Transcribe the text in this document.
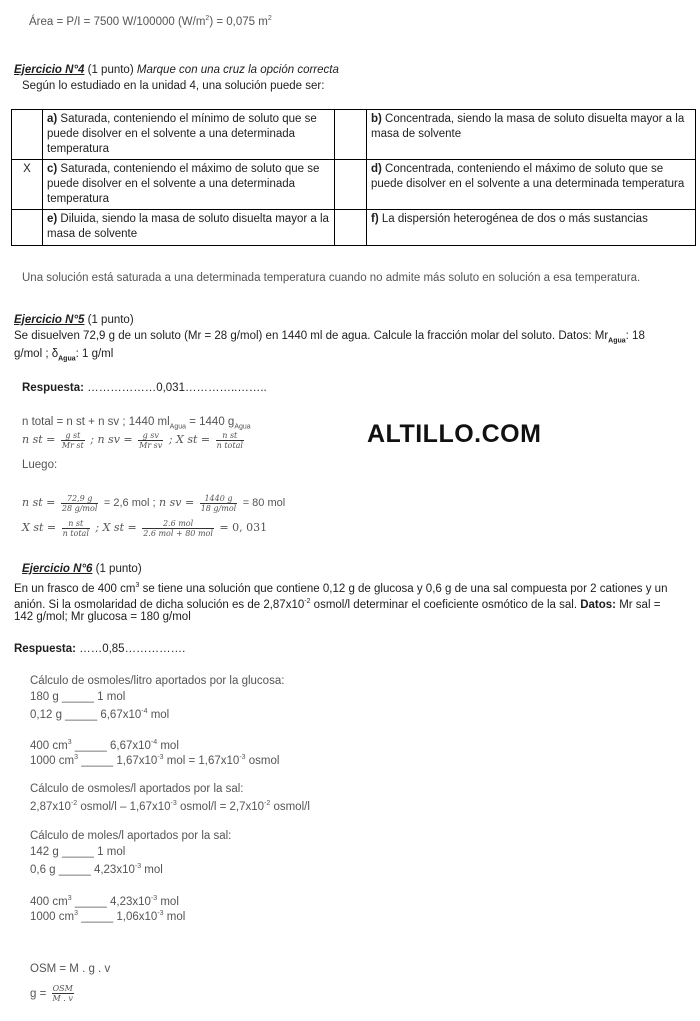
Área = P/I = 7500 W/100000 $(W/m^2) = 0,075$ $m^2$
Ejercicio N°4 (1 punto) Marque con una cruz la opción correcta
Según lo estudiado en la unidad 4, una solución puede ser:
	a) Saturada, conteniendo el mínimo de soluto que se puede disolver en el solvente a una determinada temperatura		b) Concentrada, siendo la masa de soluto disuelta mayor a la masa de solvente
X	c) Saturada, conteniendo el máximo de soluto que se puede disolver en el solvente a una determinada temperatura		d) Concentrada, conteniendo el máximo de soluto que se puede disolver en el solvente a una determinada temperatura
	e) Diluida, siendo la masa de soluto disuelta mayor a la masa de solvente		f) La dispersión heterogénea de dos o más sustancias
Una solución está saturada a una determinada temperatura cuando no admite más soluto en solución a esa temperatura.
Ejercicio N°5 (1 punto)
Se disuelven 72,9 g de un soluto (Mr = 28 g/mol) en 1440 ml de agua. Calcule la fracción molar del soluto. Datos: $Mr_{Agua}$: 18
g/mol ; $\delta_{Agua}$: 1 g/ml
Respuesta: ………………0,031…………..……..
n total = n st + n sv ; 1440 $ml_{Agua} = 1440$ $g_{Agua}$
n st = $\frac{\text{g st}}{\text{Mr st}}$ ; n sv = $\frac{\text{g sv}}{\text{Mr sv}}$ ; X st = $\frac{\text{n st}}{\text{n total}}$
Luego:
n st = $\frac{72,9 g}{\text{28 g/mol}} = 2,6$ mol ; n sv = $\frac{1440 g}{\text{18 g/mol}} = 80$ mol
X st = $\frac{\text{n st}}{\text{n total}}$ ; X st = $\frac{\text{2.6 mol}}{\text{2.6 mol + 80 mol}} = 0$, 031
ALTILLO.COM
Ejercicio N°6 (1 punto)
En un frasco de 400 $cm^3$ se tiene una solución que contiene 0,12 g de glucosa y 0,6 g de una sal compuesta por 2 cationes y un
anión. Si la osmolaridad de dicha solución es de $2,87x10^{-2}$ osmol/l determinar el coeficiente osmótico de la sal. Datos: Mr sal =
142 g/mol; Mr glucosa = 180 g/mol
Respuesta: ……0,85…………….
Cálculo de osmoles/litro aportados por la glucosa:
180 g _____ 1 mol
0,12 g _____ $6,67x10^{-4}$ mol
400 $cm^3$ _____ $6,67x10^{-4}$ mol
1000 $cm^3$ _____ $1,67x10^{-3}$ mol = $1,67x10^{-3}$ osmol
Cálculo de osmoles/l aportados por la sal:
$2,87x10^{-2}$ osmol/l – $1,67x10^{-3}$ osmol/l = $2,7x10^{-2}$ osmol/l
Cálculo de moles/l aportados por la sal:
142 g _____ 1 mol
0,6 g _____ $4,23x10^{-3}$ mol
400 $cm^3$ _____ $4,23x10^{-3}$ mol
1000 $cm^3$ _____ $1,06x10^{-3}$ mol
OSM = M . g . v
$g = \frac{\text{OSM}}{M . v}$
